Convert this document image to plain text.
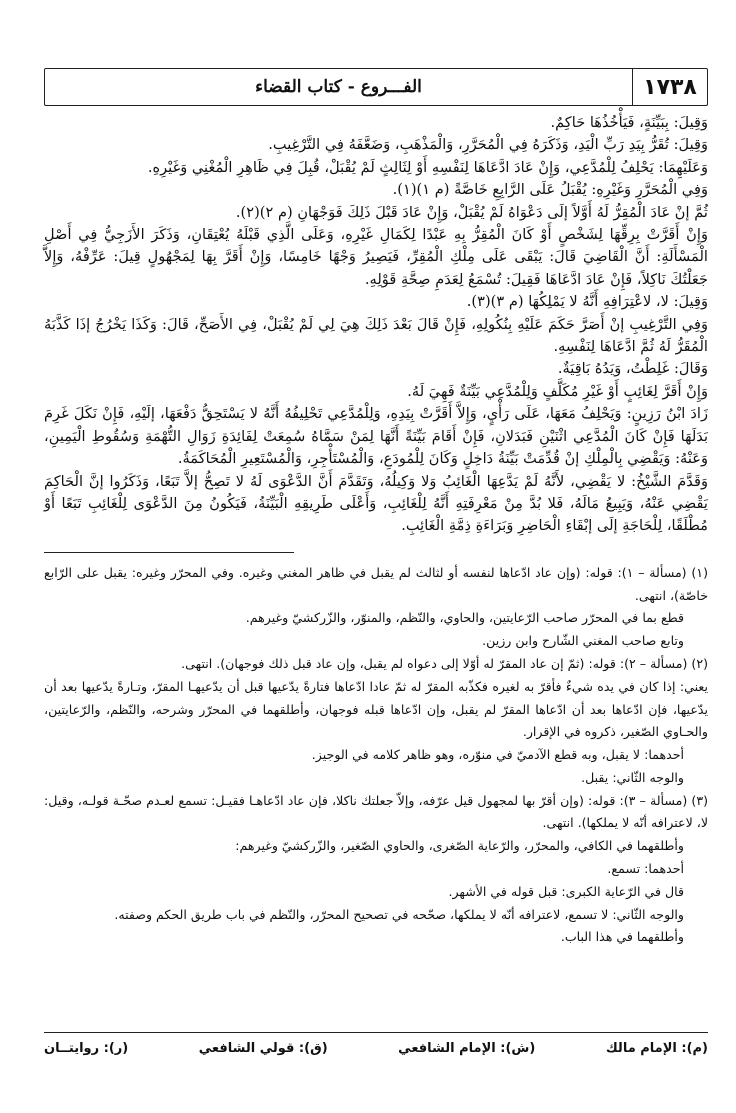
١٧٣٨
الفـــروع - كتاب القضاء

وَقِيلَ: بِبَيِّنَةٍ، فَيَأْخُذُهَا حَاكِمٌ.

وَقِيلَ: تُقَرُّ بِيَدِ رَبِّ الْيَدِ، وَذَكَرَهُ فِي الْمُحَرَّرِ، وَالْمَذْهَبِ، وَضَعَّفَهُ فِي التَّرْغِيبِ.

وَعَلَيْهِمَا: يَحْلِفُ لِلْمُدَّعِي، وَإِنْ عَادَ ادَّعَاهَا لِنَفْسِهِ أَوْ لِثَالِثٍ لَمْ يُقْبَلْ، قُبِلَ فِي ظَاهِرِ الْمُغْنِي وَغَيْرِهِ.

وَفِي الْمُحَرَّرِ وَغَيْرِهِ: يُقْبَلُ عَلَى الرَّابِعِ خَاصَّةً (م ١)(١).

ثُمَّ إنْ عَادَ الْمُقِرُّ لَهُ أَوَّلاً إلَى دَعْوَاهُ لَمْ يُقْبَلْ، وَإِنْ عَادَ قَبْلَ ذَلِكَ فَوَجْهَانِ (م ٢)(٢).

وَإِنْ أَقَرَّتْ بِرِقِّهَا لِشَخْصٍ أَوْ كَانَ الْمُقِرُّ بِهِ عَبْدًا لِكَمَالِ غَيْرِهِ، وَعَلَى الَّذِي قَبْلَهُ يُعْتِقَانِ، وَذَكَرَ الأَزَجِيُّ فِي أَصْلِ الْمَسْأَلَةِ: أَنَّ الْقَاضِيَ قَالَ: يَبْقَى عَلَى مِلْكِ الْمُقِرِّ، فَيَصِيرُ وَجْهًا خَامِسًا، وَإِنْ أَقَرَّ بِهَا لِمَجْهُولٍ قِيلَ: عَرِّفْهُ، وَإِلاَّ جَعَلْتُكَ نَاكِلاً، فَإِنْ عَادَ ادَّعَاهَا فَقِيلَ: تُسْمَعُ لِعَدَمِ صِحَّةِ قَوْلِهِ.

وَقِيلَ: لا، لاعْتِرَافِهِ أَنَّهُ لا يَمْلِكُهَا (م ٣)(٣).

وَفِي التَّرْغِيبِ إنْ أَصَرَّ حَكَمَ عَلَيْهِ بِنُكُولِهِ، فَإِنْ قَالَ بَعْدَ ذَلِكَ هِيَ لِي لَمْ يُقْبَلْ، فِي الأَصَحِّ، قَالَ: وَكَذَا يَخْرُجُ إذَا كَذَّبَهُ الْمُقَرُّ لَهُ ثُمَّ ادَّعَاهَا لِنَفْسِهِ.

وَقَالَ: غَلِطْتُ، وَيَدُهُ بَاقِيَةٌ.

وَإِنْ أَقَرَّ لِغَائِبٍ أَوْ غَيْرِ مُكَلَّفٍ وَلِلْمُدَّعِي بَيِّنَةٌ فَهِيَ لَهُ.

زَادَ ابْنُ رَزِينٍ: وَيَحْلِفُ مَعَهَا، عَلَى رَأْيٍ، وَإِلاَّ أَقَرَّتْ بِيَدِهِ، وَلِلْمُدَّعِي تَحْلِيفُهُ أَنَّهُ لا يَسْتَحِقُّ دَفْعَهَا، إلَيْهِ، فَإِنْ نَكَلَ غَرِمَ بَدَلَهَا فَإِنْ كَانَ الْمُدَّعِي اثْنَيْنِ فَبَدَلانِ، فَإِنْ أَقَامَ بَيِّنَةً أَنَّهَا لِمَنْ سَمَّاهُ سُمِعَتْ لِفَائِدَةِ زَوَالِ التُّهْمَةِ وَسُقُوطِ الْيَمِينِ، وَعَنْهُ: وَيَقْضِي بِالْمِلْكِ إنْ قُدِّمَتْ بَيِّنَةُ دَاخِلٍ وَكَانَ لِلْمُودَعِ، وَالْمُسْتَأْجِرِ، وَالْمُسْتَعِيرِ الْمُحَاكَمَةُ.

وَقَدَّمَ الشَّيْخُ: لا يَقْضِي، لأَنَّهُ لَمْ يَدَّعِهَا الْغَائِبُ وَلا وَكِيلُهُ، وَتَقَدَّمَ أَنَّ الدَّعْوَى لَهُ لا تَصِحُّ إلاَّ تَبَعًا، وَذَكَرُوا إنَّ الْحَاكِمَ يَقْضِي عَنْهُ، وَيَبِيعُ مَالَهُ، فَلا بُدَّ مِنْ مَعْرِفَتِهِ أَنَّهُ لِلْغَائِبِ، وَأَعْلَى طَرِيقِهِ الْبَيِّنَةُ، فَيَكُونُ مِنَ الدَّعْوَى لِلْغَائِبِ تَبَعًا أَوْ مُطْلَقًا، لِلْحَاجَةِ إلَى إبْقَاءِ الْحَاضِرِ وَبَرَاءَةِ ذِمَّةِ الْغَائِبِ.

(١) (مسألة – ١): قوله: (وإن عاد ادّعاها لنفسه أو لثالث لم يقبل في ظاهر المغني وغيره. وفي المحرّر وغيره: يقبل على الرّابع خاصّة)، انتهى.

قطع بما في المحرّر صاحب الرّعايتين، والحاوي، والنّظم، والمنوّر، والزّركشيّ وغيرهم.

وتابع صاحب المغني الشّارح وابن رزين.

(٢) (مسألة – ٢): قوله: (ثمّ إن عاد المقرّ له أوّلا إلى دعواه لم يقبل، وإن عاد قبل ذلك فوجهان). انتهى.

يعني: إذا كان في يده شيءٌ فأقرّ به لغيره فكذّبه المقرّ له ثمّ عادا ادّعاها فتارةً يدّعيها قبل أن يدّعيهـا المقرّ، وتـارةً يدّعيها بعد أن يدّعيها، فإن ادّعاها بعد أن ادّعاها المقرّ لم يقبل، وإن ادّعاها قبله فوجهان، وأطلقهما في المحرّر وشرحه، والنّظم، والرّعايتين، والحـاوي الصّغير، ذكروه في الإقرار.

أحدهما: لا يقبل، وبه قطع الآدميّ في منوّره، وهو ظاهر كلامه في الوجيز.

والوجه الثّاني: يقبل.

(٣) (مسألة – ٣): قوله: (وإن أقرّ بها لمجهول قيل عرّفه، وإلاّ جعلتك ناكلا، فإن عاد ادّعاهـا فقيـل: تسمع لعـدم صحّـة قولـه، وقيل: لا، لاعترافه أنّه لا يملكها). انتهى.

وأطلقهما في الكافي، والمحرّر، والرّعاية الصّغرى، والحاوي الصّغير، والزّركشيّ وغيرهم:

أحدهما: تسمع.

قال في الرّعاية الكبرى: قبل قوله في الأشهر.

والوجه الثّاني: لا تسمع، لاعترافه أنّه لا يملكها، صحّحه في تصحيح المحرّر، والنّظم في باب طريق الحكم وصفته.

وأطلقهما في هذا الباب.

(م): الإمام مالك
(ش): الإمام الشافعي
(ق): قولي الشافعي
(ر): روايتــان
